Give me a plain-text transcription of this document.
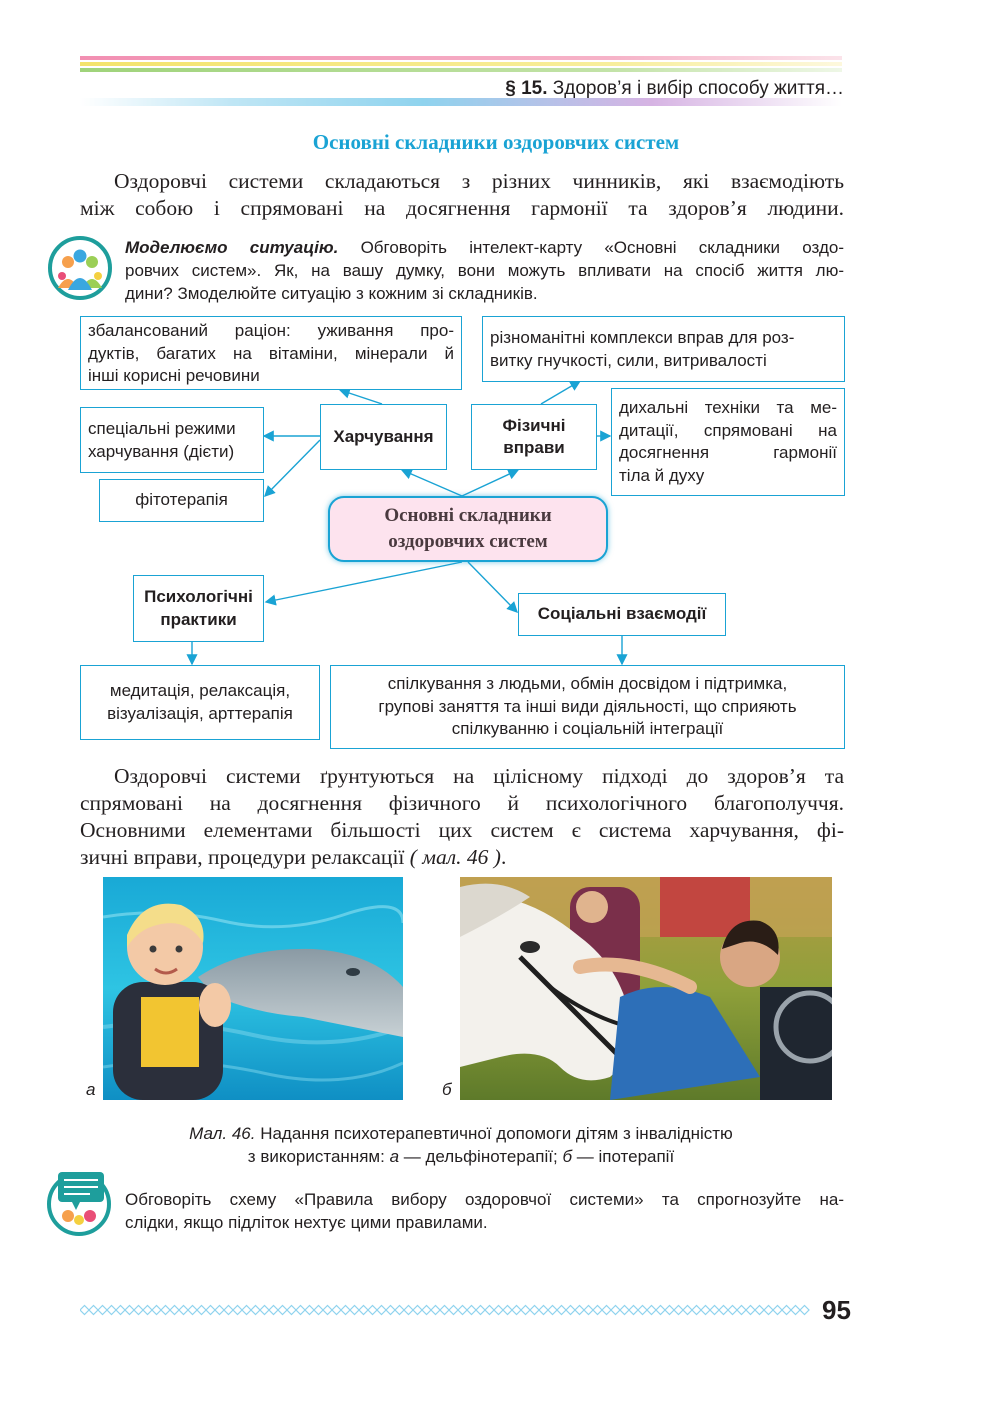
§ 15. Здоров’я і вибір способу життя…
Основні складники оздоровчих систем
Оздоровчі системи складаються з різних чинників, які взаємодіють
між собою і спрямовані на досягнення гармонії та здоров’я людини.
Моделюємо ситуацію. Обговоріть інтелект-карту «Основні складники оздо-
ровчих систем». Як, на вашу думку, вони можуть впливати на спосіб життя лю-
дини? Змоделюйте ситуацію з кожним зі складників.
збалансований раціон: уживання про-
дуктів, багатих на вітаміни, мінерали й
інші корисні речовини
різноманітні комплекси вправ для роз-
витку гнучкості, сили, витривалості
Харчування
Фізичні
вправи
спеціальні режими
харчування (дієти)
фітотерапія
дихальні техніки та ме-
дитації, спрямовані на
досягнення гармонії
тіла й духу
Основні складники
оздоровчих систем
Психологічні
практики	Соціальні взаємодії
медитація, релаксація,
візуалізація, арттерапія
спілкування з людьми, обмін досвідом і підтримка,
групові заняття та інші види діяльності, що сприяють
спілкуванню і соціальній інтеграції
Оздоровчі системи ґрунтуються на цілісному підході до здоров’я та
спрямовані на досягнення фізичного й психологічного благополуччя.
Основними елементами більшості цих систем є система харчування, фі-
зичні вправи, процедури релаксації ( мал. 46 ).
а	б
Мал. 46. Надання психотерапевтичної допомоги дітям з інвалідністю
з використанням: а — дельфінотерапії; б — іпотерапії
Обговоріть схему «Правила вибору оздоровчої системи» та спрогнозуйте на-
слідки, якщо підліток нехтує цими правилами.
95
